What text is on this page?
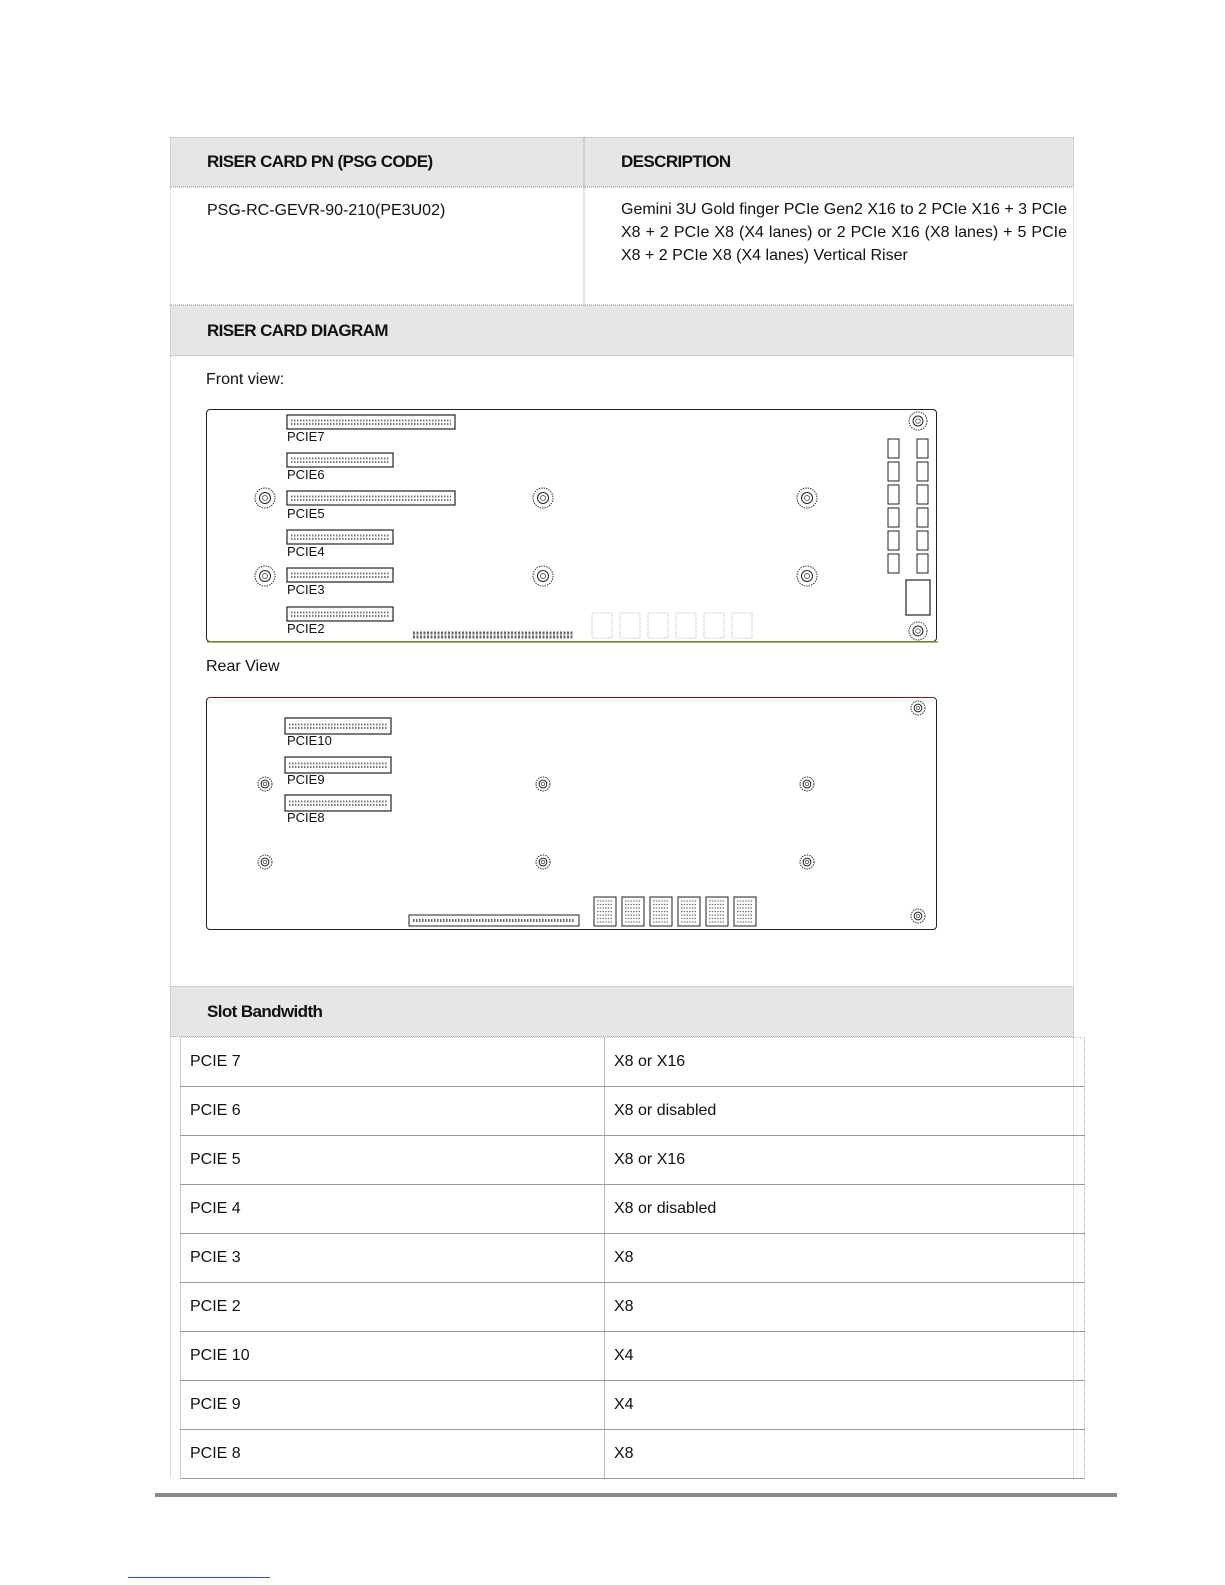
RISER CARD PN (PSG CODE)	DESCRIPTION
PSG-RC-GEVR-90-210(PE3U02)	Gemini 3U Gold finger PCIe Gen2 X16 to 2 PCIe X16 + 3 PCIe X8 + 2 PCIe X8 (X4 lanes) or 2 PCIe X16 (X8 lanes) + 5 PCIe X8 + 2 PCIe X8 (X4 lanes) Vertical Riser
RISER CARD DIAGRAM
Front view:
PCIE7
PCIE6
PCIE5
PCIE4
PCIE3
PCIE2
Rear View
PCIE10
PCIE9
PCIE8
Slot Bandwidth
PCIE 7	X8 or X16
PCIE 6	X8 or disabled
PCIE 5	X8 or X16
PCIE 4	X8 or disabled
PCIE 3	X8
PCIE 2	X8
PCIE 10	X4
PCIE 9	X4
PCIE 8	X8
